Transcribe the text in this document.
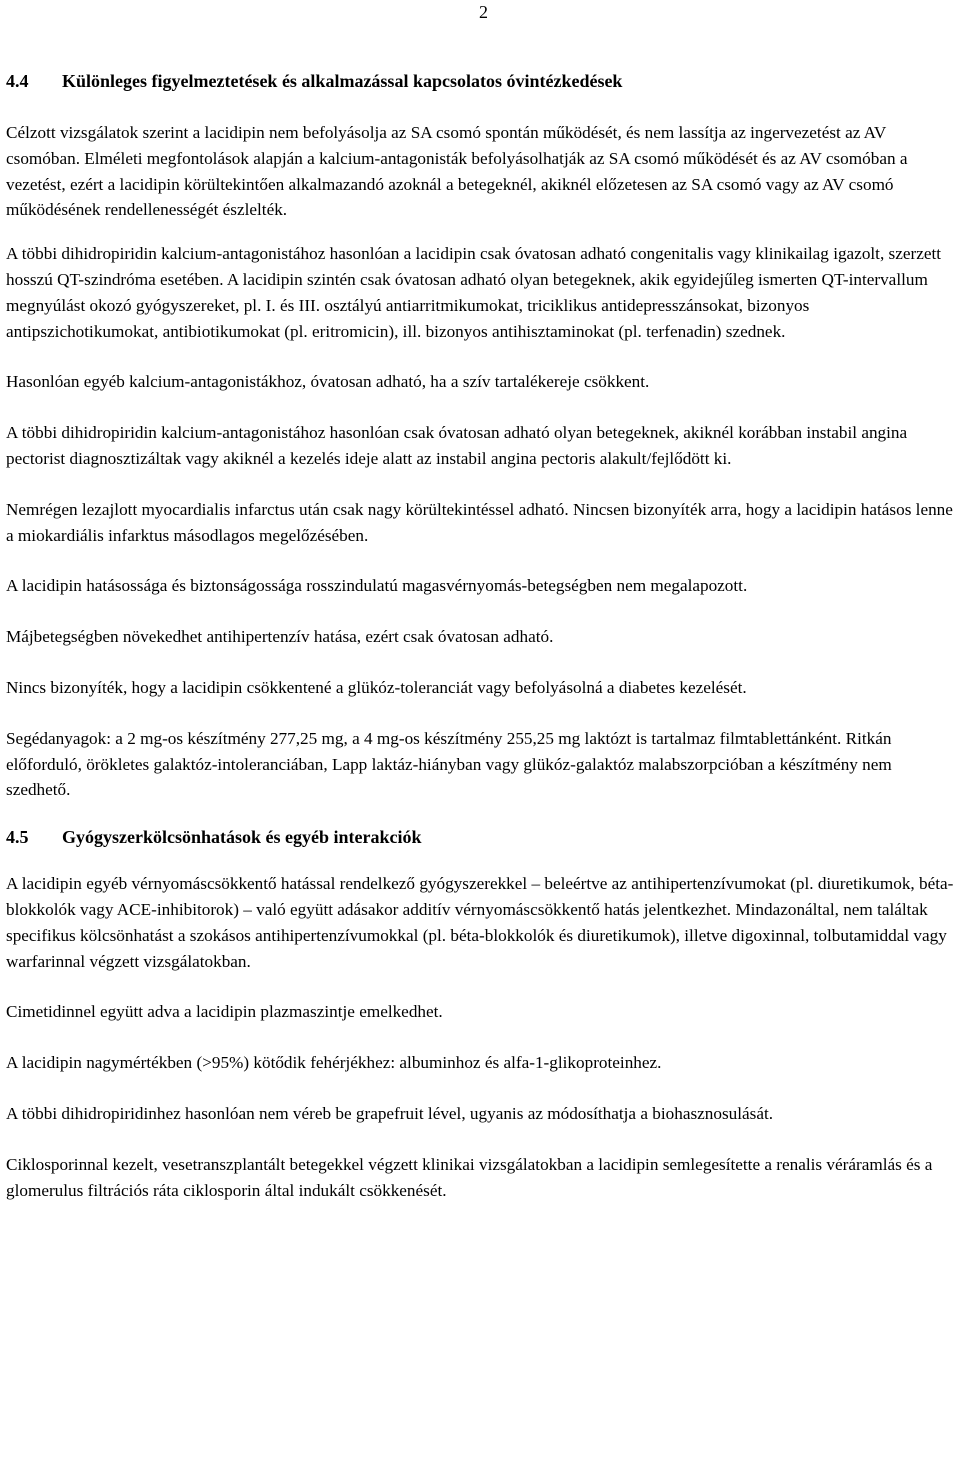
2
4.4 Különleges figyelmeztetések és alkalmazással kapcsolatos óvintézkedések

Célzott vizsgálatok szerint a lacidipin nem befolyásolja az SA csomó spontán működését, és nem lassítja az ingervezetést az AV csomóban. Elméleti megfontolások alapján a kalcium-antagonisták befolyásolhatják az SA csomó működését és az AV csomóban a vezetést, ezért a lacidipin körültekintően alkalmazandó azoknál a betegeknél, akiknél előzetesen az SA csomó vagy az AV csomó működésének rendellenességét észlelték.

A többi dihidropiridin kalcium-antagonistához hasonlóan a lacidipin csak óvatosan adható congenitalis vagy klinikailag igazolt, szerzett hosszú QT-szindróma esetében. A lacidipin szintén csak óvatosan adható olyan betegeknek, akik egyidejűleg ismerten QT-intervallum megnyúlást okozó gyógyszereket, pl. I. és III. osztályú antiarritmikumokat, triciklikus antidepresszánsokat, bizonyos antipszichotikumokat, antibiotikumokat (pl. eritromicin), ill. bizonyos antihisztaminokat (pl. terfenadin) szednek.

Hasonlóan egyéb kalcium-antagonistákhoz, óvatosan adható, ha a szív tartalékereje csökkent.

A többi dihidropiridin kalcium-antagonistához hasonlóan csak óvatosan adható olyan betegeknek, akiknél korábban instabil angina pectorist diagnosztizáltak vagy akiknél a kezelés ideje alatt az instabil angina pectoris alakult/fejlődött ki.

Nemrégen lezajlott myocardialis infarctus után csak nagy körültekintéssel adható. Nincsen bizonyíték arra, hogy a lacidipin hatásos lenne a miokardiális infarktus másodlagos megelőzésében.

A lacidipin hatásossága és biztonságossága rosszindulatú magasvérnyomás-betegségben nem megalapozott.

Májbetegségben növekedhet antihipertenzív hatása, ezért csak óvatosan adható.

Nincs bizonyíték, hogy a lacidipin csökkentené a glükóz-toleranciát vagy befolyásolná a diabetes kezelését.

Segédanyagok: a 2 mg-os készítmény 277,25 mg, a 4 mg-os készítmény 255,25 mg laktózt is tartalmaz filmtablettánként. Ritkán előforduló, örökletes galaktóz-intoleranciában, Lapp laktáz-hiányban vagy glükóz-galaktóz malabszorpcióban a készítmény nem szedhető.

4.5 Gyógyszerkölcsönhatások és egyéb interakciók

A lacidipin egyéb vérnyomáscsökkentő hatással rendelkező gyógyszerekkel – beleértve az antihipertenzívumokat (pl. diuretikumok, béta-blokkolók vagy ACE-inhibitorok) – való együtt adásakor additív vérnyomáscsökkentő hatás jelentkezhet. Mindazonáltal, nem találtak specifikus kölcsönhatást a szokásos antihipertenzívumokkal (pl. béta-blokkolók és diuretikumok), illetve digoxinnal, tolbutamiddal vagy warfarinnal végzett vizsgálatokban.

Cimetidinnel együtt adva a lacidipin plazmaszintje emelkedhet.

A lacidipin nagymértékben (>95%) kötődik fehérjékhez: albuminhoz és alfa-1-glikoproteinhez.

A többi dihidropiridinhez hasonlóan nem véreb be grapefruit lével, ugyanis az módosíthatja a biohasznosulását.

Ciklosporinnal kezelt, vesetranszplantált betegekkel végzett klinikai vizsgálatokban a lacidipin semlegesítette a renalis véráramlás és a glomerulus filtrációs ráta ciklosporin által indukált csökkenését.
